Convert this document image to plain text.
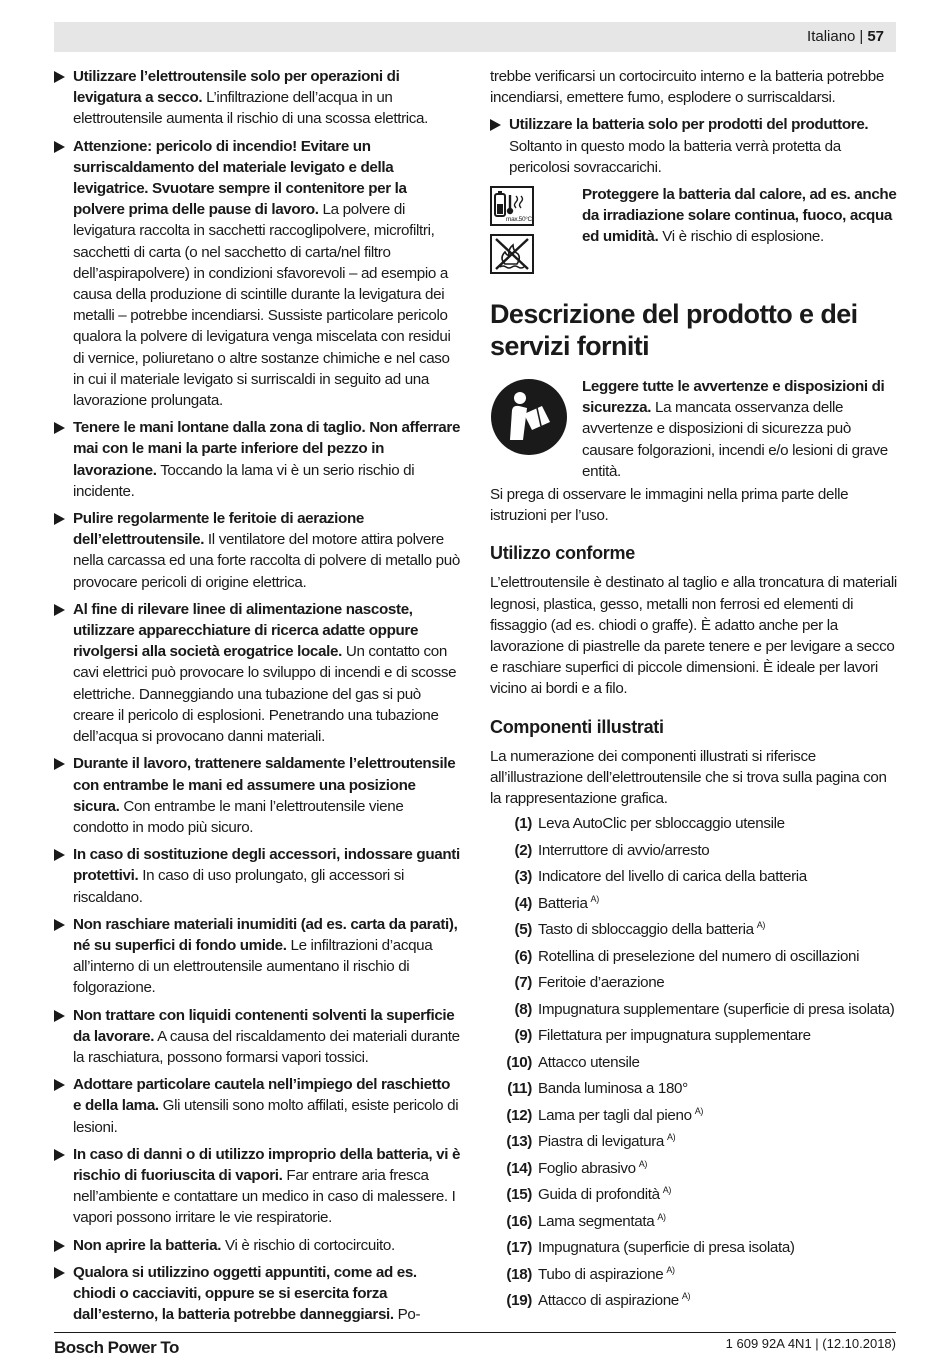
Italiano | 57
Utilizzare l’elettroutensile solo per operazioni di levigatura a secco. L’infiltrazione dell’acqua in un elettroutensile aumenta il rischio di una scossa elettrica.
Attenzione: pericolo di incendio! Evitare un surriscaldamento del materiale levigato e della levigatrice. Svuotare sempre il contenitore per la polvere prima delle pause di lavoro. La polvere di levigatura raccolta in sacchetti raccoglipolvere, microfiltri, sacchetti di carta (o nel sacchetto di carta/nel filtro dell’aspirapolvere) in condizioni sfavorevoli – ad esempio a causa della produzione di scintille durante la levigatura dei metalli – potrebbe incendiarsi. Sussiste particolare pericolo qualora la polvere di levigatura venga miscelata con residui di vernice, poliuretano o altre sostanze chimiche e nel caso in cui il materiale levigato si surriscaldi in seguito ad una lavorazione prolungata.
Tenere le mani lontane dalla zona di taglio. Non afferrare mai con le mani la parte inferiore del pezzo in lavorazione. Toccando la lama vi è un serio rischio di incidente.
Pulire regolarmente le feritoie di aerazione dell’elettroutensile. Il ventilatore del motore attira polvere nella carcassa ed una forte raccolta di polvere di metallo può provocare pericoli di origine elettrica.
Al fine di rilevare linee di alimentazione nascoste, utilizzare apparecchiature di ricerca adatte oppure rivolgersi alla società erogatrice locale. Un contatto con cavi elettrici può provocare lo sviluppo di incendi e di scosse elettriche. Danneggiando una tubazione del gas si può creare il pericolo di esplosioni. Penetrando una tubazione dell’acqua si provocano danni materiali.
Durante il lavoro, trattenere saldamente l’elettroutensile con entrambe le mani ed assumere una posizione sicura. Con entrambe le mani l’elettroutensile viene condotto in modo più sicuro.
In caso di sostituzione degli accessori, indossare guanti protettivi. In caso di uso prolungato, gli accessori si riscaldano.
Non raschiare materiali inumiditi (ad es. carta da parati), né su superfici di fondo umide. Le infiltrazioni d’acqua all’interno di un elettroutensile aumentano il rischio di folgorazione.
Non trattare con liquidi contenenti solventi la superficie da lavorare. A causa del riscaldamento dei materiali durante la raschiatura, possono formarsi vapori tossici.
Adottare particolare cautela nell’impiego del raschietto e della lama. Gli utensili sono molto affilati, esiste pericolo di lesioni.
In caso di danni o di utilizzo improprio della batteria, vi è rischio di fuoriuscita di vapori. Far entrare aria fresca nell’ambiente e contattare un medico in caso di malessere. I vapori possono irritare le vie respiratorie.
Non aprire la batteria. Vi è rischio di cortocircuito.
Qualora si utilizzino oggetti appuntiti, come ad es. chiodi o cacciaviti, oppure se si esercita forza dall’esterno, la batteria potrebbe danneggiarsi. Po-
trebbe verificarsi un cortocircuito interno e la batteria potrebbe incendiarsi, emettere fumo, esplodere o surriscaldarsi.
Utilizzare la batteria solo per prodotti del produttore. Soltanto in questo modo la batteria verrà protetta da pericolosi sovraccarichi.
max.50°C
Proteggere la batteria dal calore, ad es. anche da irradiazione solare continua, fuoco, acqua ed umidità. Vi è rischio di esplosione.
Descrizione del prodotto e dei servizi forniti
Leggere tutte le avvertenze e disposizioni di sicurezza. La mancata osservanza delle avvertenze e disposizioni di sicurezza può causare folgorazioni, incendi e/o lesioni di grave entità.
Si prega di osservare le immagini nella prima parte delle istruzioni per l’uso.
Utilizzo conforme
L’elettroutensile è destinato al taglio e alla troncatura di materiali legnosi, plastica, gesso, metalli non ferrosi ed elementi di fissaggio (ad es. chiodi o graffe). È adatto anche per la lavorazione di piastrelle da parete tenere e per levigare a secco e raschiare superfici di piccole dimensioni. È ideale per lavori vicino ai bordi e a filo.
Componenti illustrati
La numerazione dei componenti illustrati si riferisce all’illustrazione dell’elettroutensile che si trova sulla pagina con la rappresentazione grafica.
(1) Leva AutoClic per sbloccaggio utensile
(2) Interruttore di avvio/arresto
(3) Indicatore del livello di carica della batteria
(4) Batteria $^{A)}$
(5) Tasto di sbloccaggio della batteria $^{A)}$
(6) Rotellina di preselezione del numero di oscillazioni
(7) Feritoie d’aerazione
(8) Impugnatura supplementare (superficie di presa isolata)
(9) Filettatura per impugnatura supplementare
(10) Attacco utensile
(11) Banda luminosa a 180°
(12) Lama per tagli dal pieno $^{A)}$
(13) Piastra di levigatura $^{A)}$
(14) Foglio abrasivo $^{A)}$
(15) Guida di profondità $^{A)}$
(16) Lama segmentata $^{A)}$
(17) Impugnatura (superficie di presa isolata)
(18) Tubo di aspirazione $^{A)}$
(19) Attacco di aspirazione $^{A)}$
Bosch Power To	1 609 92A 4N1 | (12.10.2018)
